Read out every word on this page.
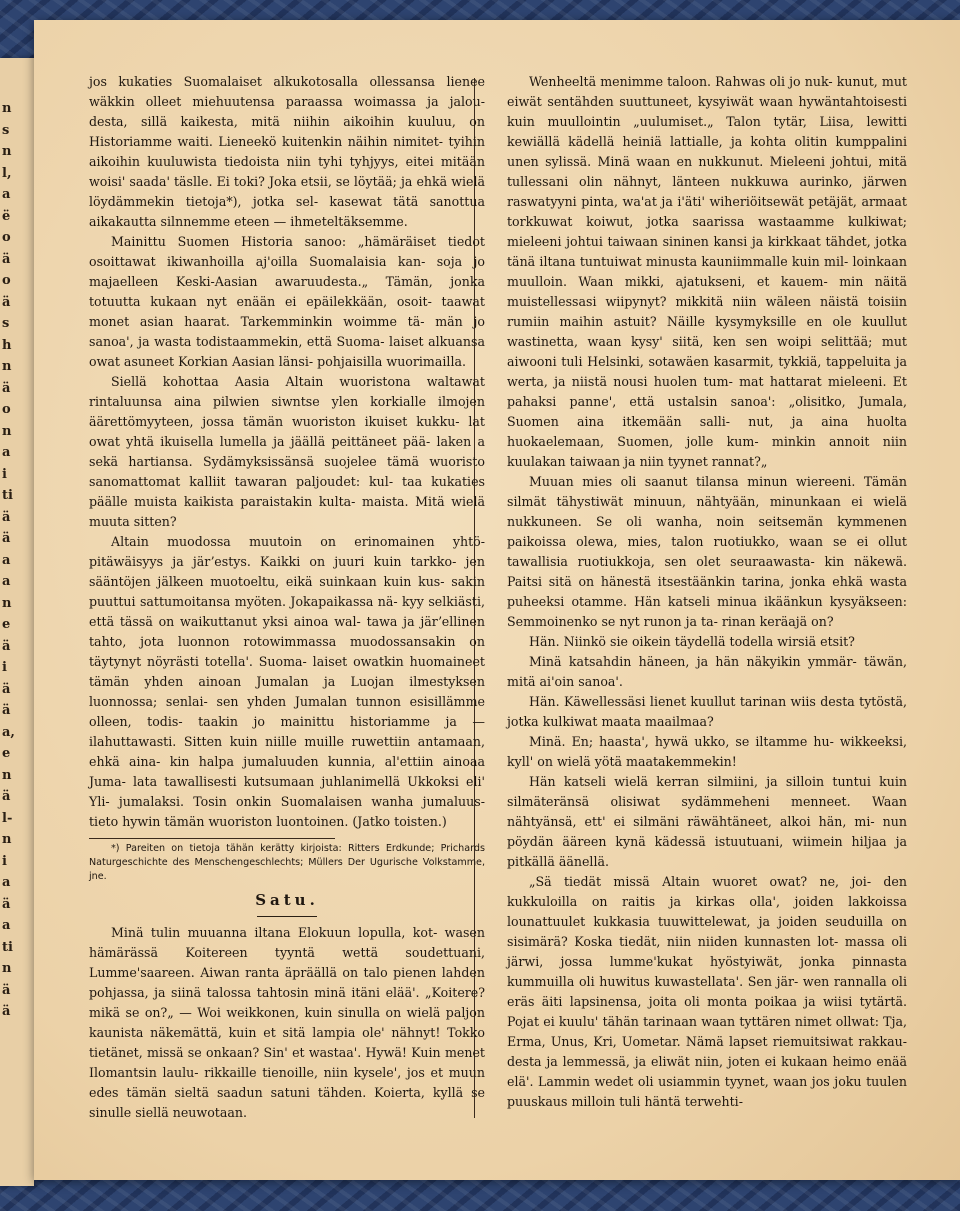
n
s
n
l,
a
ë
o
ä
o
ä
s
h
n
ä
o
n
a
i
ti
ä
ä
a
a
n
e
ä
i
ä
ä
a,
e
n
ä
l-
n
i
a
ä
a
ti
n
ä
ä

jos kukaties Suomalaiset alkukotosalla ollessansa lienee wäkkin olleet miehuutensa paraassa woimassa ja jalou- desta, sillä kaikesta, mitä niihin aikoihin kuuluu, on Historiamme waiti. Lieneekö kuitenkin näihin nimitet- tyihin aikoihin kuuluwista tiedoista niin tyhi tyhjyys, eitei mitään woisi' saada' täslle. Ei toki? Joka etsii, se löytää; ja ehkä wielä löydämmekin tietoja*), jotka sel- kasewat tätä sanottua aikakautta silnnemme eteen — ihmeteltäksemme.

Mainittu Suomen Historia sanoo: „hämäräiset tiedot osoittawat ikiwanhoilla aj'oilla Suomalaisia kan- soja jo majaelleen Keski-Aasian awaruudesta.„ Tämän, jonka totuutta kukaan nyt enään ei epäilekkään, osoit- taawat monet asian haarat. Tarkemminkin woimme tä- män jo sanoa', ja wasta todistaammekin, että Suoma- laiset alkuansa owat asuneet Korkian Aasian länsi- pohjaisilla wuorimailla.

Siellä kohottaa Aasia Altain wuoristona waltawat rintaluunsa aina pilwien siwntse ylen korkialle ilmojen äärettömyyteen, jossa tämän wuoriston ikuiset kukku- lat owat yhtä ikuisella lumella ja jäällä peittäneet pää- laken a sekä hartiansa. Sydämyksissänsä suojelee tämä wuoristo sanomattomat kalliit tawaran paljoudet: kul- taa kukaties päälle muista kaikista paraistakin kulta- maista. Mitä wielä muuta sitten?

Altain muodossa muutoin on erinomainen yhtö- pitäwäisyys ja järʼestys. Kaikki on juuri kuin tarkko- jen sääntöjen jälkeen muotoeltu, eikä suinkaan kuin kus- sakin puuttui sattumoitansa myöten. Jokapaikassa nä- kyy selkiästi, että tässä on waikuttanut yksi ainoa wal- tawa ja järʼellinen tahto, jota luonnon rotowimmassa muodossansakin on täytynyt nöyrästi totella'. Suoma- laiset owatkin huomaineet tämän yhden ainoan Jumalan ja Luojan ilmestyksen luonnossa; senlai- sen yhden Jumalan tunnon esisillämme olleen, todis- taakin jo mainittu historiamme ja — ilahuttawasti. Sitten kuin niille muille ruwettiin antamaan, ehkä aina- kin halpa jumaluuden kunnia, al'ettiin ainoaa Juma- lata tawallisesti kutsumaan juhlanimellä Ukkoksi eli' Yli- jumalaksi. Tosin onkin Suomalaisen wanha jumaluus- tieto hywin tämän wuoriston luontoinen. (Jatko toisten.)

*) Pareiten on tietoja tähän kerätty kirjoista: Ritters Erdkunde; Prichards Naturgeschichte des Menschengeschlechts; Müllers Der Ugurische Volkstamme, jne.

Satu.

Minä tulin muuanna iltana Elokuun lopulla, kot- wasen hämärässä Koitereen tyyntä wettä soudettuani, Lumme'saareen. Aiwan ranta äpräällä on talo pienen lahden pohjassa, ja siinä talossa tahtosin minä itäni elää'. „Koitere? mikä se on?„ — Woi weikkonen, kuin sinulla on wielä paljon kaunista näkemättä, kuin et sitä lampia ole' nähnyt! Tokko tietänet, missä se onkaan? Sin' et wastaa'. Hywä! Kuin menet Ilomantsin laulu- rikkaille tienoille, niin kysele', jos et muun edes tämän sieltä saadun satuni tähden. Koierta, kyllä se sinulle siellä neuwotaan.

Wenheeltä menimme taloon. Rahwas oli jo nuk- kunut, mut eiwät sentähden suuttuneet, kysyiwät waan hywäntahtoisesti kuin muullointin „uulumiset.„ Talon tytär, Liisa, lewitti kewiällä kädellä heiniä lattialle, ja kohta olitin kumppalini unen sylissä. Minä waan en nukkunut. Mieleeni johtui, mitä tullessani olin nähnyt, länteen nukkuwa aurinko, järwen raswatyyni pinta, wa'at ja i'äti' wiheriöitsewät petäjät, armaat torkkuwat koiwut, jotka saarissa wastaamme kulkiwat; mieleeni johtui taiwaan sininen kansi ja kirkkaat tähdet, jotka tänä iltana tuntuiwat minusta kauniimmalle kuin mil- loinkaan muulloin. Waan mikki, ajatukseni, et kauem- min näitä muistellessasi wiipynyt? mikkitä niin wäleen näistä toisiin rumiin maihin astuit? Näille kysymyksille en ole kuullut wastinetta, waan kysy' siitä, ken sen woipi selittää; mut aiwooni tuli Helsinki, sotawäen kasarmit, tykkiä, tappeluita ja werta, ja niistä nousi huolen tum- mat hattarat mieleeni. Et pahaksi panne', että ustalsin sanoa': „olisitko, Jumala, Suomen aina itkemään salli- nut, ja aina huolta huokaelemaan, Suomen, jolle kum- minkin annoit niin kuulakan taiwaan ja niin tyynet rannat?„

Muuan mies oli saanut tilansa minun wiereeni. Tämän silmät tähystiwät minuun, nähtyään, minunkaan ei wielä nukkuneen. Se oli wanha, noin seitsemän kymmenen paikoissa olewa, mies, talon ruotiukko, waan se ei ollut tawallisia ruotiukkoja, sen olet seuraawasta- kin näkewä. Paitsi sitä on hänestä itsestäänkin tarina, jonka ehkä wasta puheeksi otamme. Hän katseli minua ikäänkun kysyäkseen: Semmoinenko se nyt runon ja ta- rinan keräajä on?

Hän. Niinkö sie oikein täydellä todella wirsiä etsit?

Minä katsahdin häneen, ja hän näkyikin ymmär- täwän, mitä ai'oin sanoa'.

Hän. Käwellessäsi lienet kuullut tarinan wiis desta tytöstä, jotka kulkiwat maata maailmaa?

Minä. En; haasta', hywä ukko, se iltamme hu- wikkeeksi, kyll' on wielä yötä maatakemmekin!

Hän katseli wielä kerran silmiini, ja silloin tuntui kuin silmäteränsä olisiwat sydämmeheni menneet. Waan nähtyänsä, ett' ei silmäni räwähtäneet, alkoi hän, mi- nun pöydän ääreen kynä kädessä istuutuani, wiimein hiljaa ja pitkällä äänellä.

„Sä tiedät missä Altain wuoret owat? ne, joi- den kukkuloilla on raitis ja kirkas olla', joiden lakkoissa lounattuulet kukkasia tuuwittelewat, ja joiden seuduilla on sisimärä? Koska tiedät, niin niiden kunnasten lot- massa oli järwi, jossa lumme'kukat hyöstyiwät, jonka pinnasta kummuilla oli huwitus kuwastellata'. Sen jär- wen rannalla oli eräs äiti lapsinensa, joita oli monta poikaa ja wiisi tytärtä. Pojat ei kuulu' tähän tarinaan waan tyttären nimet ollwat: Tja, Erma, Unus, Kri, Uometar. Nämä lapset riemuitsiwat rakkau- desta ja lemmessä, ja eliwät niin, joten ei kukaan heimo enää elä'. Lammin wedet oli usiammin tyynet, waan jos joku tuulen puuskaus milloin tuli häntä terwehti-
